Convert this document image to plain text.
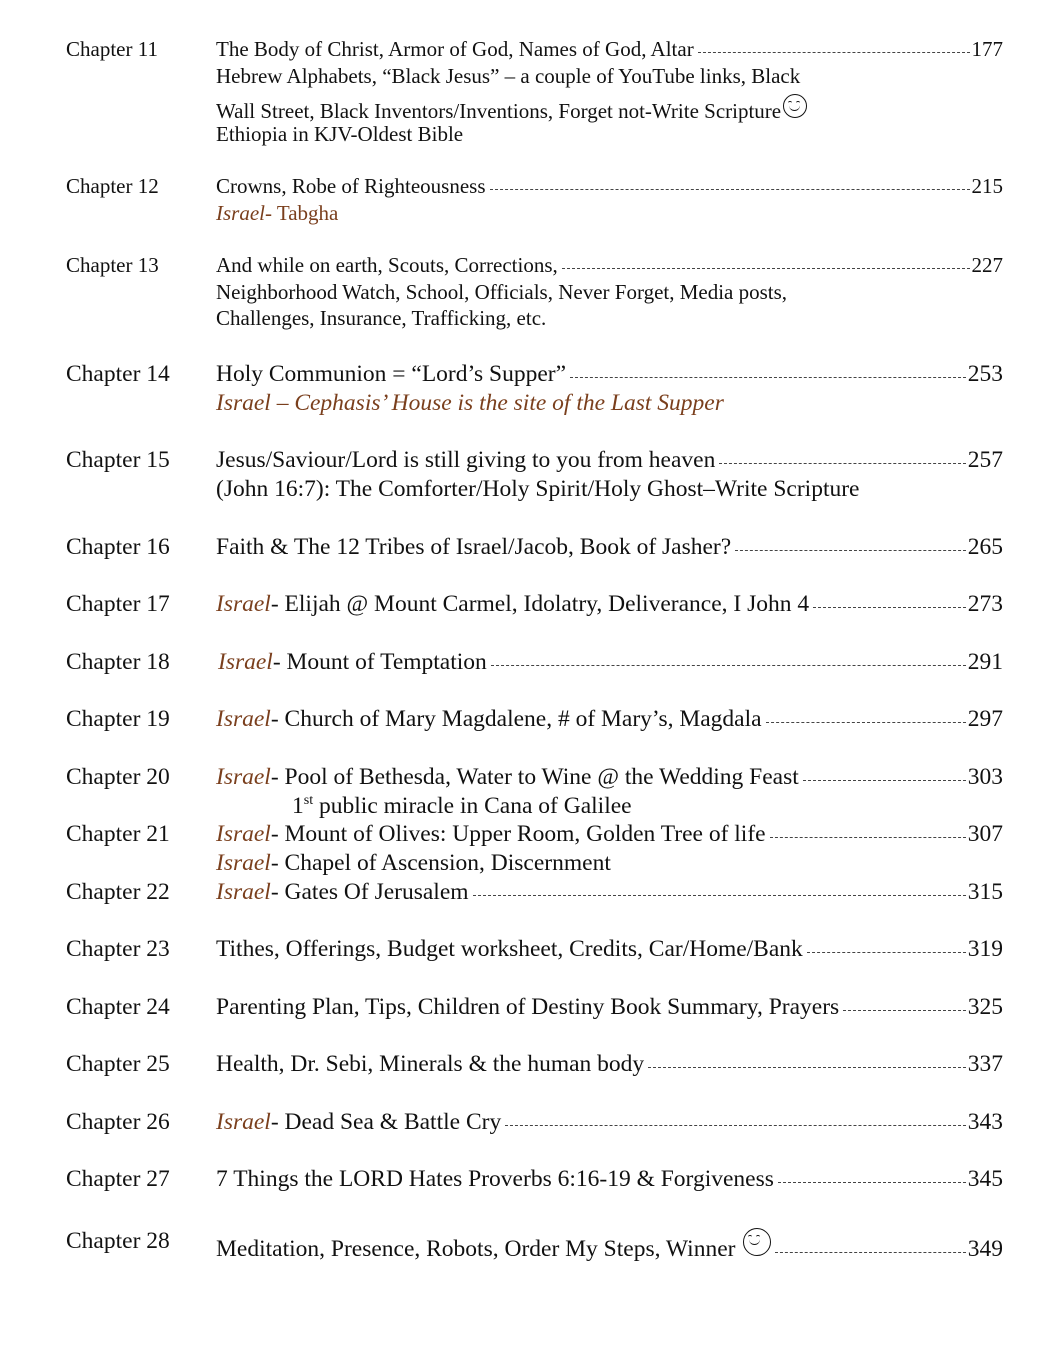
Chapter 11	The Body of Christ, Armor of God, Names of God, Altar	177
Hebrew Alphabets, “Black Jesus” – a couple of YouTube links, Black
Wall Street, Black Inventors/Inventions, Forget not-Write Scripture
Ethiopia in KJV-Oldest Bible
Chapter 12	Crowns, Robe of Righteousness	215
Israel - Tabgha
Chapter 13	And while on earth, Scouts, Corrections,	227
Neighborhood Watch, School, Officials, Never Forget, Media posts,
Challenges, Insurance, Trafficking, etc.
Chapter 14 Holy Communion = “Lord’s Supper”	253
Israel – Cephasis’ House is the site of the Last Supper
Chapter 15 Jesus/Saviour/Lord is still giving to you from heaven	257
(John 16:7): The Comforter/Holy Spirit/Holy Ghost–Write Scripture
Chapter 16 Faith & The 12 Tribes of Israel/Jacob, Book of Jasher?	265
Chapter 17 Israel - Elijah @ Mount Carmel, Idolatry, Deliverance, I John 4	273
Chapter 18 Israel - Mount of Temptation	291
Chapter 19 Israel - Church of Mary Magdalene, # of Mary’s, Magdala	297
Chapter 20 Israel - Pool of Bethesda, Water to Wine @ the Wedding Feast	303
1st public miracle in Cana of Galilee
Chapter 21 Israel - Mount of Olives: Upper Room, Golden Tree of life	307
Israel - Chapel of Ascension, Discernment
Chapter 22 Israel - Gates Of Jerusalem	315
Chapter 23 Tithes, Offerings, Budget worksheet, Credits, Car/Home/Bank	319
Chapter 24 Parenting Plan, Tips, Children of Destiny Book Summary, Prayers	325
Chapter 25 Health, Dr. Sebi, Minerals & the human body	337
Chapter 26 Israel - Dead Sea & Battle Cry	343
Chapter 27 7 Things the LORD Hates Proverbs 6:16-19 & Forgiveness	345
Chapter 28 Meditation, Presence, Robots, Order My Steps, Winner	349
